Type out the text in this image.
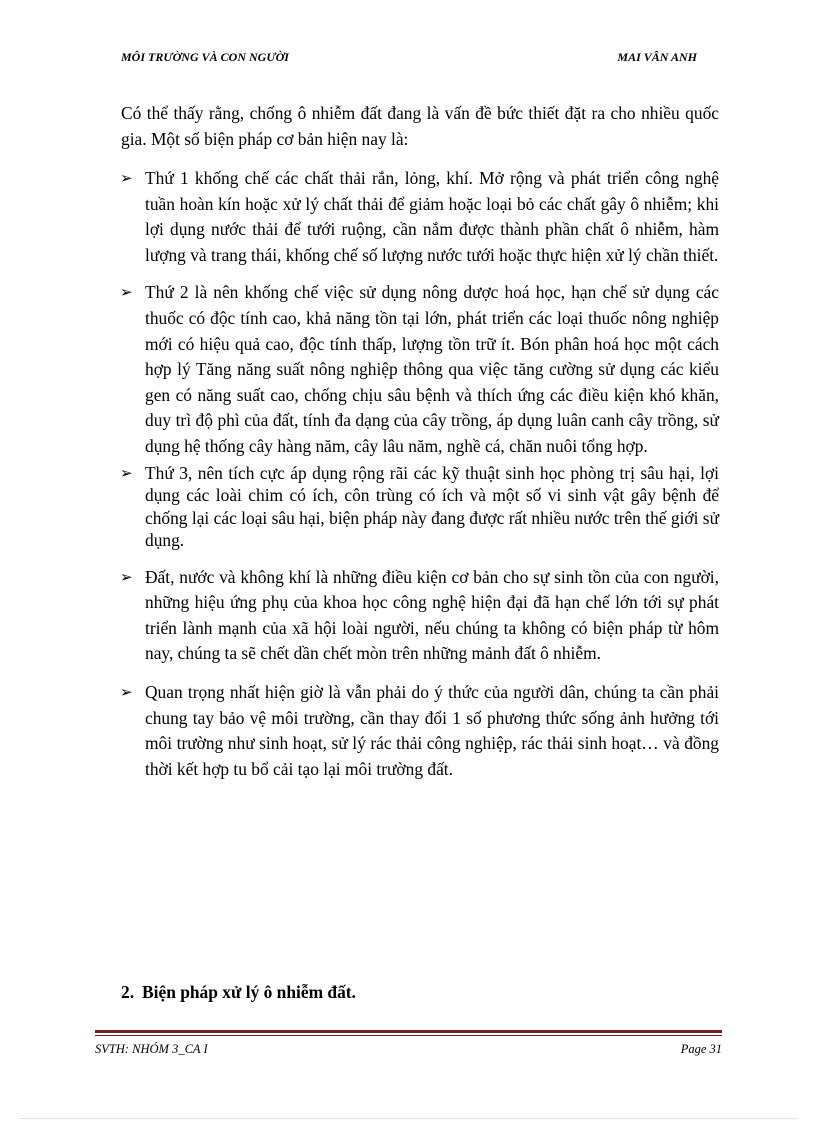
MÔI TRƯỜNG VÀ CON NGƯỜI	MAI VÂN ANH

Có thể thấy rằng, chống ô nhiễm đất đang là vấn đề bức thiết đặt ra cho nhiều quốc gia. Một số biện pháp cơ bản hiện nay là:

➢ Thứ 1 khống chế các chất thải rắn, lỏng, khí. Mở rộng và phát triển công nghệ tuần hoàn kín hoặc xử lý chất thải để giảm hoặc loại bỏ các chất gây ô nhiễm; khi lợi dụng nước thải để tưới ruộng, cần nắm được thành phần chất ô nhiễm, hàm lượng và trang thái, khống chế số lượng nước tưới hoặc thực hiện xử lý chần thiết.
➢ Thứ 2 là nên khống chế việc sử dụng nông dược hoá học, hạn chế sử dụng các thuốc có độc tính cao, khả năng tồn tại lớn, phát triển các loại thuốc nông nghiệp mới có hiệu quả cao, độc tính thấp, lượng tồn trữ ít. Bón phân hoá học một cách hợp lý Tăng năng suất nông nghiệp thông qua việc tăng cường sử dụng các kiểu gen có năng suất cao, chống chịu sâu bệnh và thích ứng các điều kiện khó khăn, duy trì độ phì của đất, tính đa dạng của cây trồng, áp dụng luân canh cây trồng, sử dụng hệ thống cây hàng năm, cây lâu năm, nghề cá, chăn nuôi tổng hợp.
➢ Thứ 3, nên tích cực áp dụng rộng rãi các kỹ thuật sinh học phòng trị sâu hại, lợi dụng các loài chim có ích, côn trùng có ích và một số vi sinh vật gây bệnh để chống lại các loại sâu hại, biện pháp này đang được rất nhiều nước trên thế giới sử dụng.
➢ Đất, nước và không khí là những điều kiện cơ bản cho sự sinh tồn của con người, những hiệu ứng phụ của khoa học công nghệ hiện đại đã hạn chế lớn tới sự phát triển lành mạnh của xã hội loài người, nếu chúng ta không có biện pháp từ hôm nay, chúng ta sẽ chết dần chết mòn trên những mảnh đất ô nhiễm.
➢ Quan trọng nhất hiện giờ là vẫn phải do ý thức của người dân, chúng ta cần phải chung tay bảo vệ môi trường, cần thay đổi 1 số phương thức sống ảnh hưởng tới môi trường như sinh hoạt, sử lý rác thải công nghiệp, rác thải sinh hoạt… và đồng thời kết hợp tu bổ cải tạo lại môi trường đất.
2. Biện pháp xử lý ô nhiễm đất.
SVTH: NHÓM 3_CA I	Page 31
